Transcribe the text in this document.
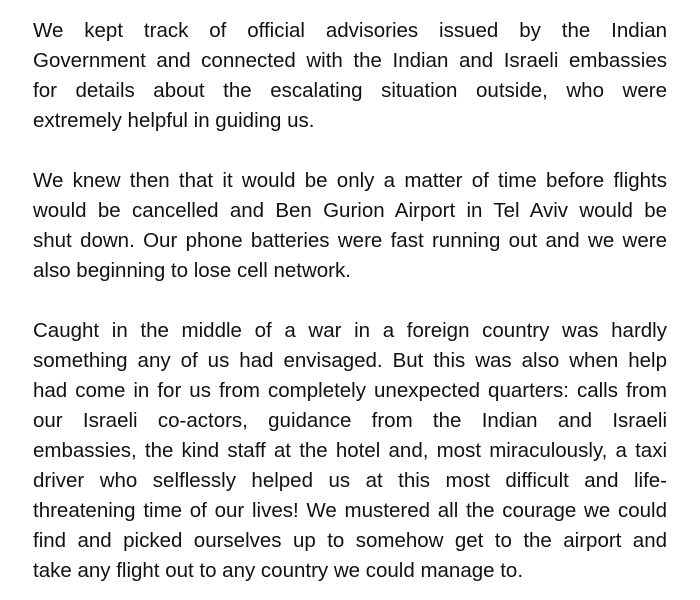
We kept track of official advisories issued by the Indian
Government and connected with the Indian and Israeli embassies
for details about the escalating situation outside, who were
extremely helpful in guiding us.
We knew then that it would be only a matter of time before flights
would be cancelled and Ben Gurion Airport in Tel Aviv would be
shut down. Our phone batteries were fast running out and we were
also beginning to lose cell network.
Caught in the middle of a war in a foreign country was hardly
something any of us had envisaged. But this was also when help
had come in for us from completely unexpected quarters: calls from
our Israeli co-actors, guidance from the Indian and Israeli
embassies, the kind staff at the hotel and, most miraculously, a taxi
driver who selflessly helped us at this most difficult and life-
threatening time of our lives! We mustered all the courage we could
find and picked ourselves up to somehow get to the airport and
take any flight out to any country we could manage to.
